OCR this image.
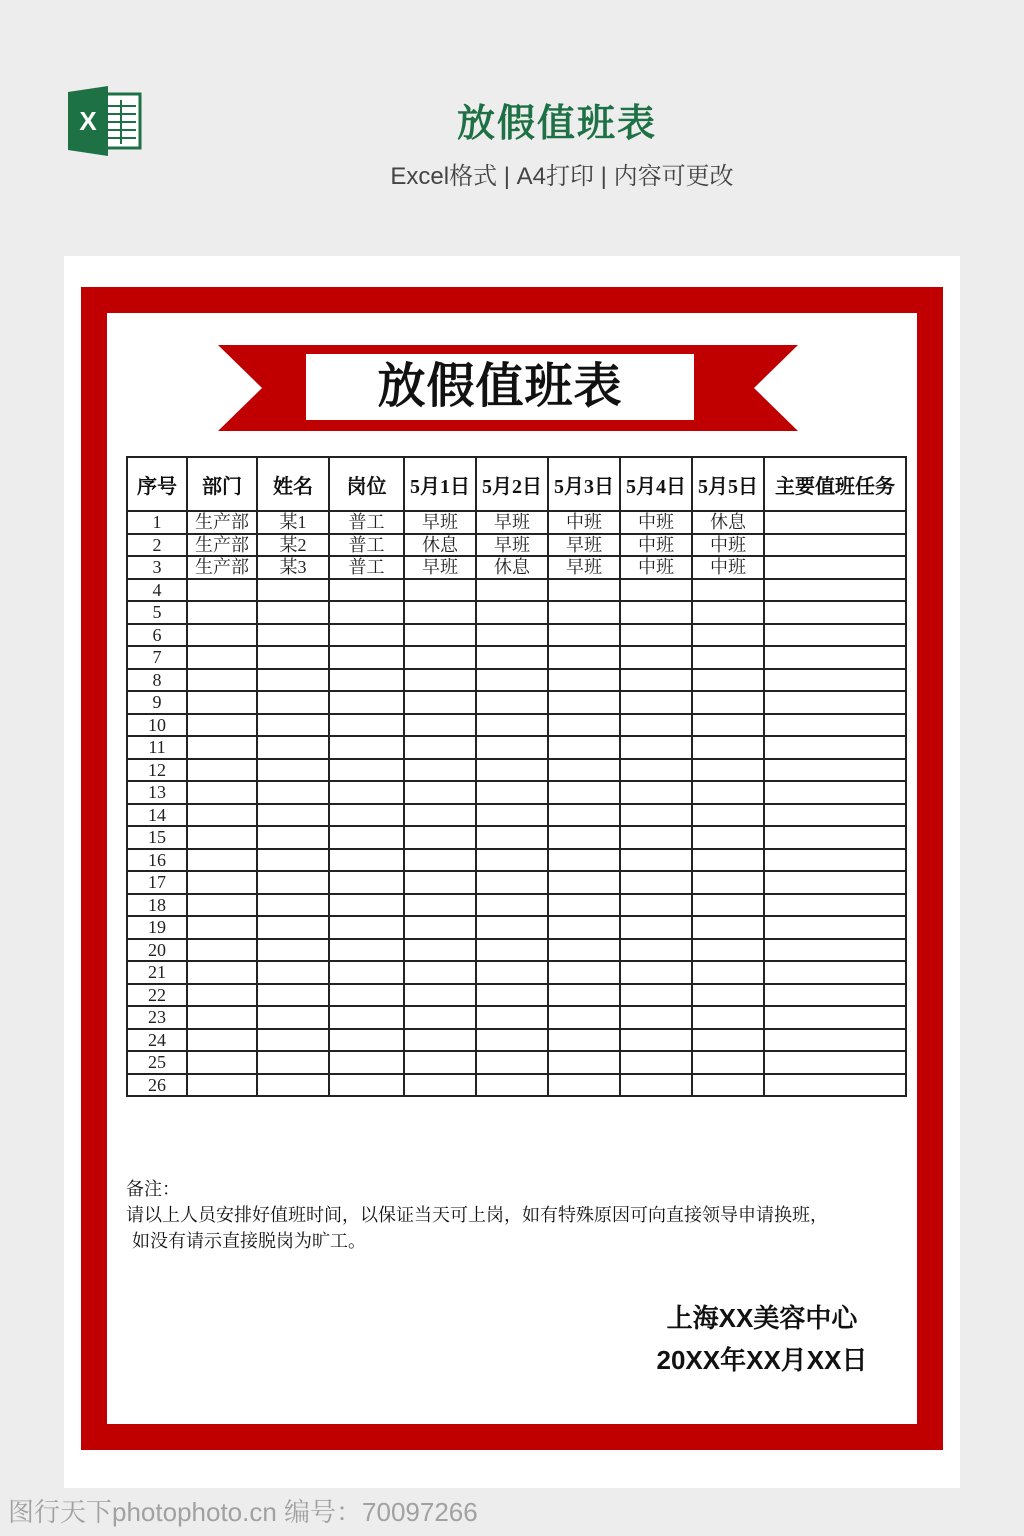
X	放假值班表
Excel格式 | A4打印 | 内容可更改
放假值班表
序号	部门	姓名	岗位	5月1日	5月2日	5月3日	5月4日	5月5日	主要值班任务
1	生产部	某1	普工	早班	早班	中班	中班	休息	
2	生产部	某2	普工	休息	早班	早班	中班	中班	
3	生产部	某3	普工	早班	休息	早班	中班	中班	
4									
5									
6									
7									
8									
9									
10									
11									
12									
13									
14									
15									
16									
17									
18									
19									
20									
21									
22									
23									
24									
25									
26									
备注：
请以上人员安排好值班时间，以保证当天可上岗，如有特殊原因可向直接领导申请换班，
如没有请示直接脱岗为旷工。
上海XX美容中心
20XX年XX月XX日
图行天下photophoto.cn 编号：70097266
